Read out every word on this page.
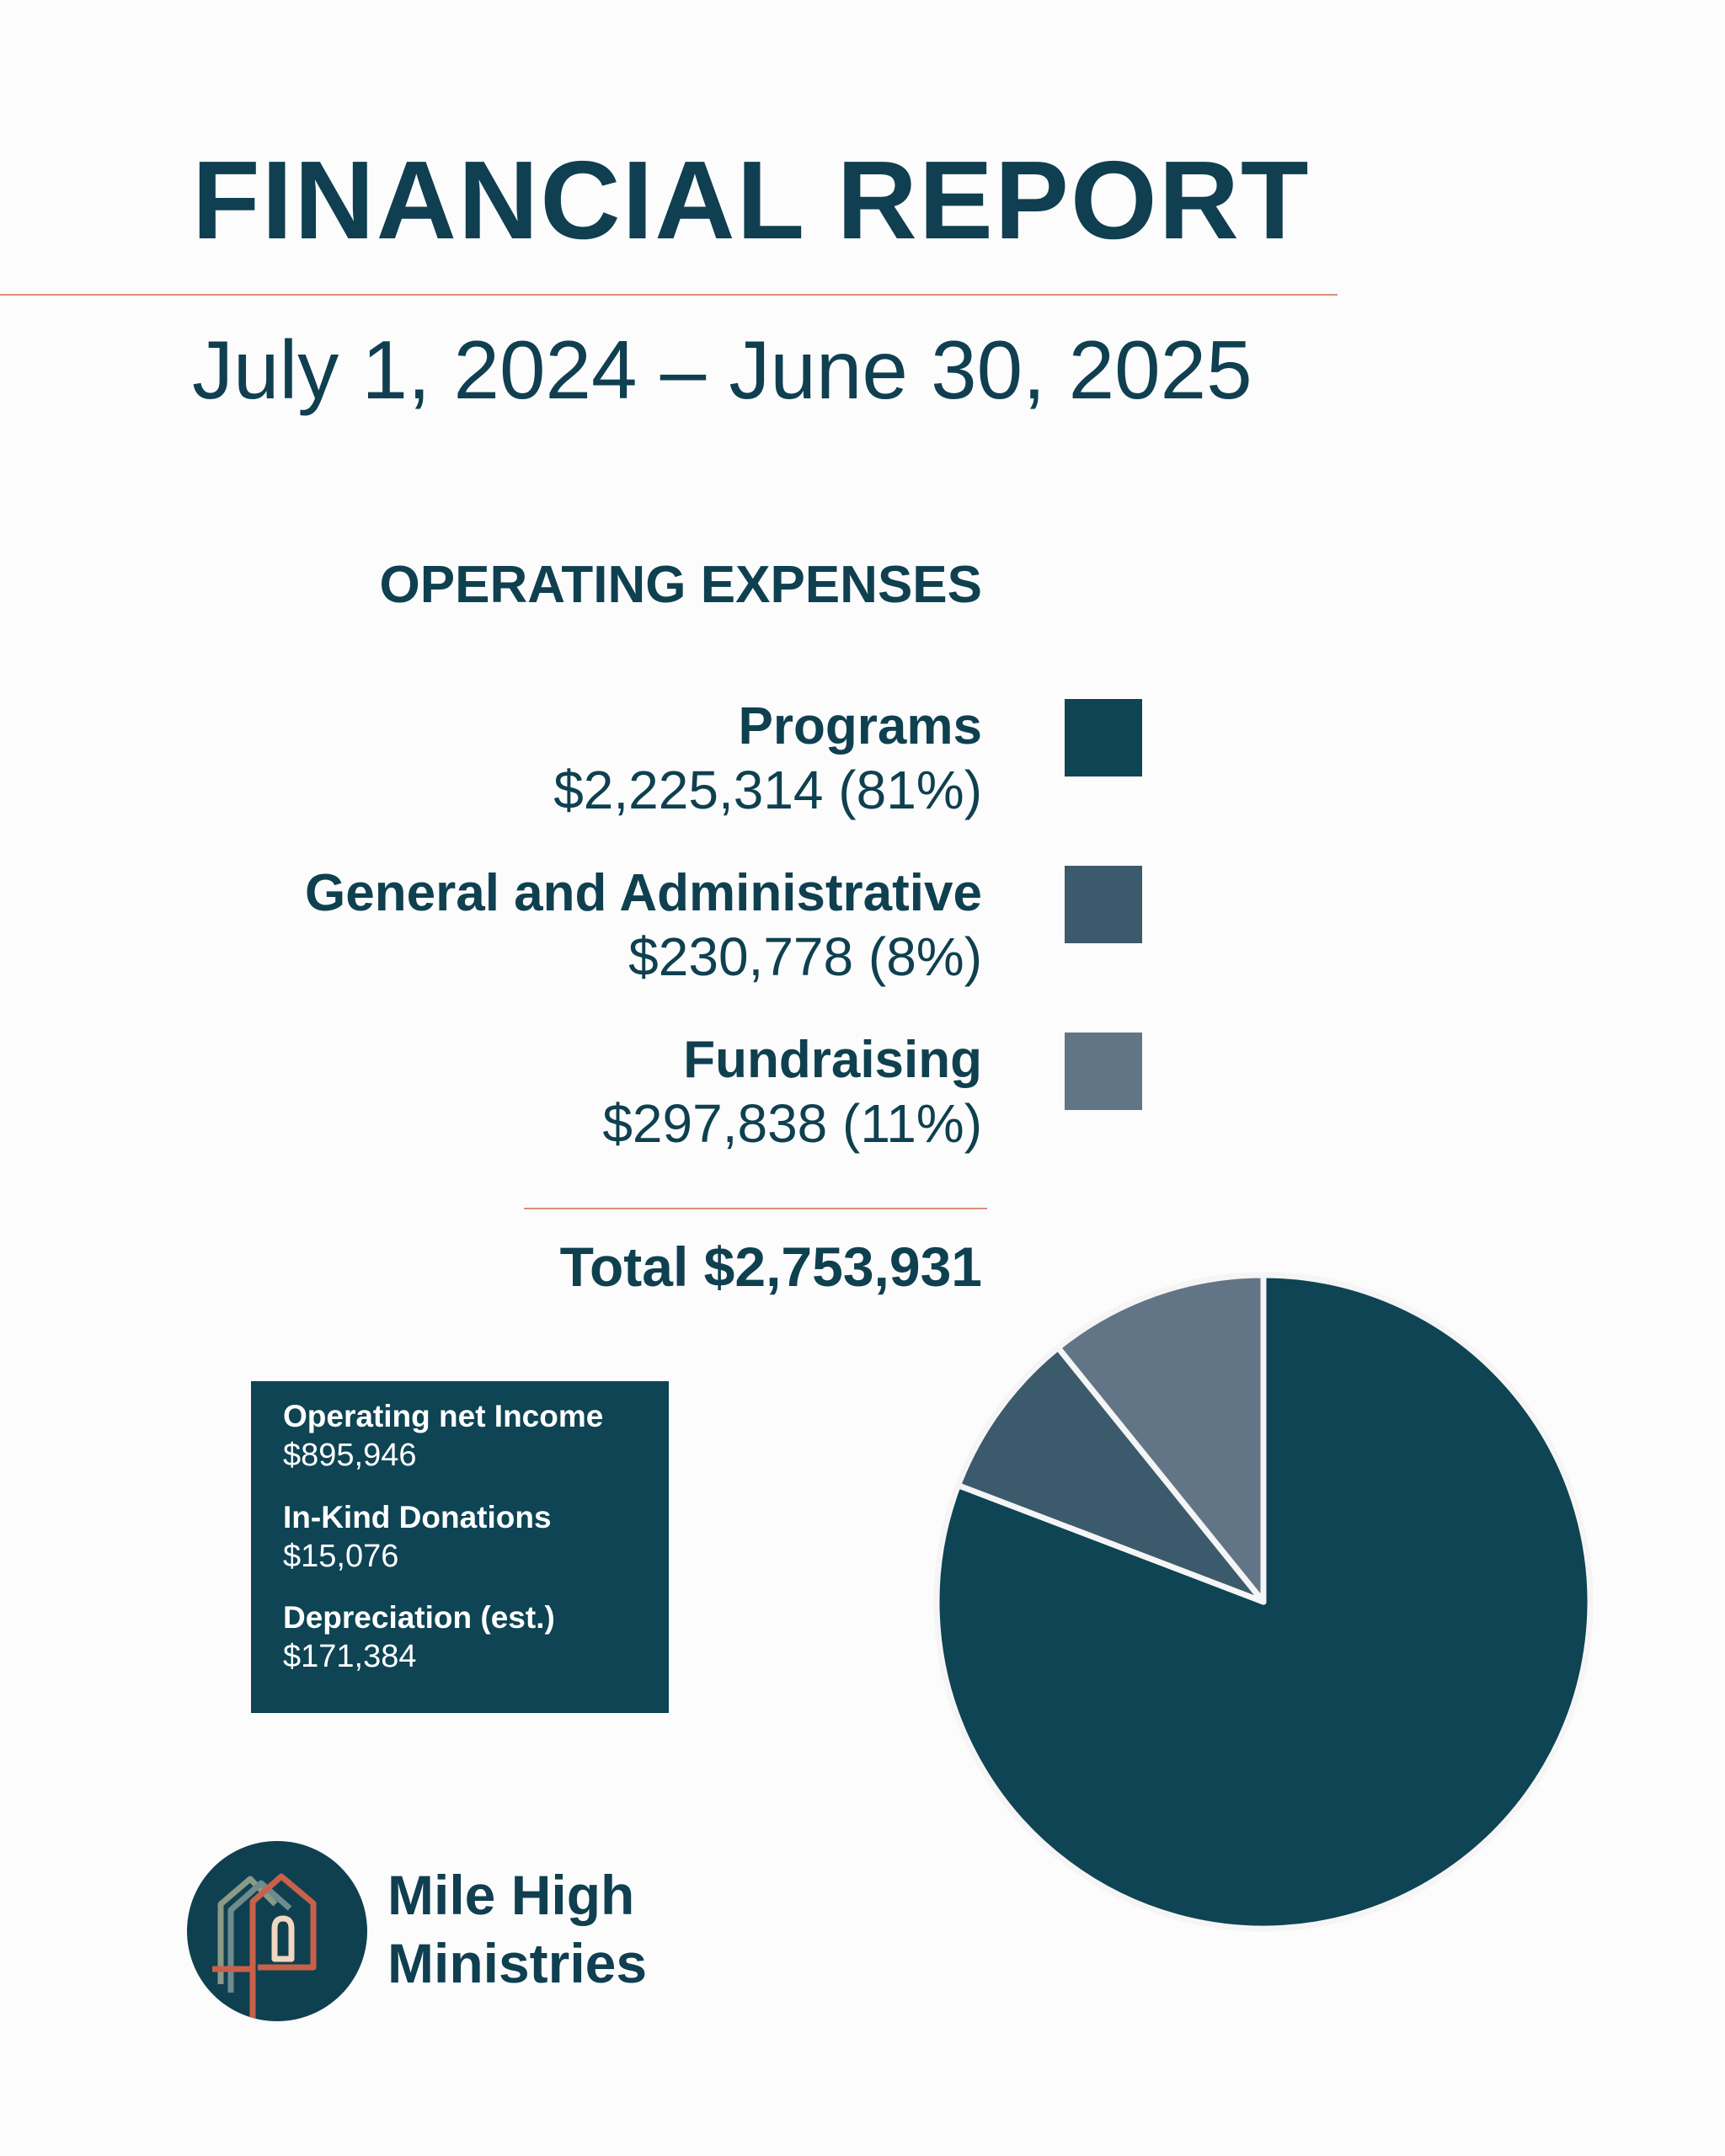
FINANCIAL REPORT
July 1, 2024 – June 30, 2025
OPERATING EXPENSES
Programs
$2,225,314 (81%)
General and Administrative
$230,778 (8%)
Fundraising
$297,838 (11%)
Total $2,753,931
Operating net Income
$895,946
In-Kind Donations
$15,076
Depreciation (est.)
$171,384
Mile High
Ministries
